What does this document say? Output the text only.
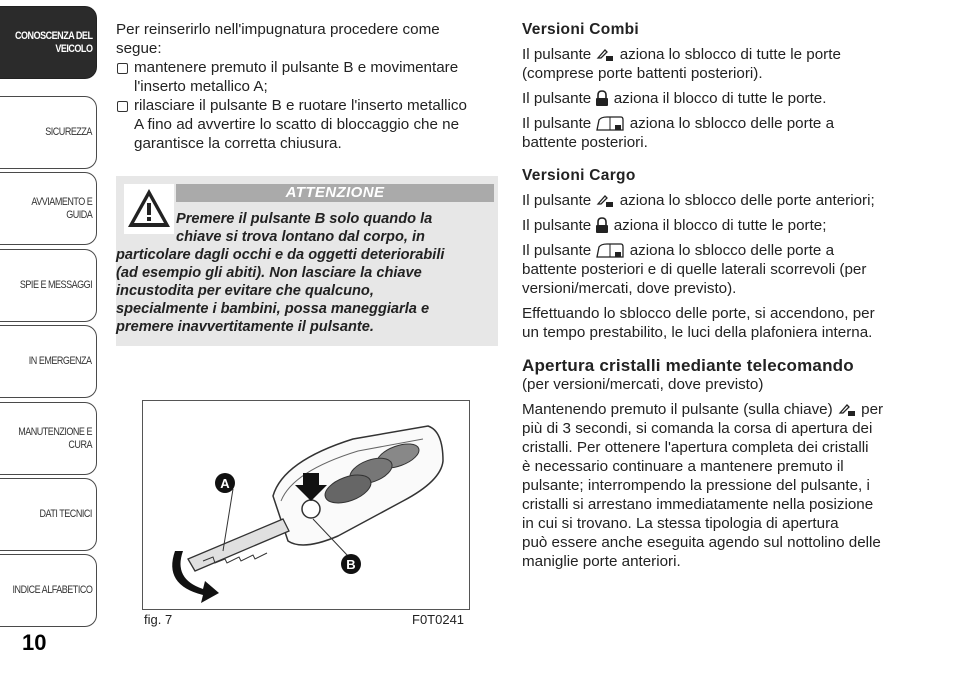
CONOSCENZA DEL
VEICOLO
SICUREZZA
AVVIAMENTO E
GUIDA
SPIE E MESSAGGI
IN EMERGENZA
MANUTENZIONE E
CURA
DATI TECNICI
INDICE ALFABETICO
10

Per reinserirlo nell'impugnatura procedere come

segue:

mantenere premuto il pulsante B e movimentare

l'inserto metallico A;

rilasciare il pulsante B e ruotare l'inserto metallico

A fino ad avvertire lo scatto di bloccaggio che ne

garantisce la corretta chiusura.

ATTENZIONE
Premere il pulsante B solo quando la
chiave si trova lontano dal corpo, in
particolare dagli occhi e da oggetti deteriorabili
(ad esempio gli abiti). Non lasciare la chiave
incustodita per evitare che qualcuno,
specialmente i bambini, possa maneggiarla e
premere inavvertitamente il pulsante.
A
B
fig. 7	F0T0241

Versioni Combi

Il pulsante aziona lo sblocco di tutte le porte

(comprese porte battenti posteriori).

Il pulsante aziona il blocco di tutte le porte.

Il pulsante	aziona lo sblocco delle porte a

battente posteriori.

Versioni Cargo

Il pulsante aziona lo sblocco delle porte anteriori;

Il pulsante aziona il blocco di tutte le porte;

Il pulsante	aziona lo sblocco delle porte a

battente posteriori e di quelle laterali scorrevoli (per

versioni/mercati, dove previsto).

Effettuando lo sblocco delle porte, si accendono, per

un tempo prestabilito, le luci della plafoniera interna.

Apertura cristalli mediante telecomando

(per versioni/mercati, dove previsto)

Mantenendo premuto il pulsante (sulla chiave) per

più di 3 secondi, si comanda la corsa di apertura dei

cristalli. Per ottenere l'apertura completa dei cristalli

è necessario continuare a mantenere premuto il

pulsante; interrompendo la pressione del pulsante, i

cristalli si arrestano immediatamente nella posizione

in cui si trovano. La stessa tipologia di apertura

può essere anche eseguita agendo sul nottolino delle

maniglie porte anteriori.
